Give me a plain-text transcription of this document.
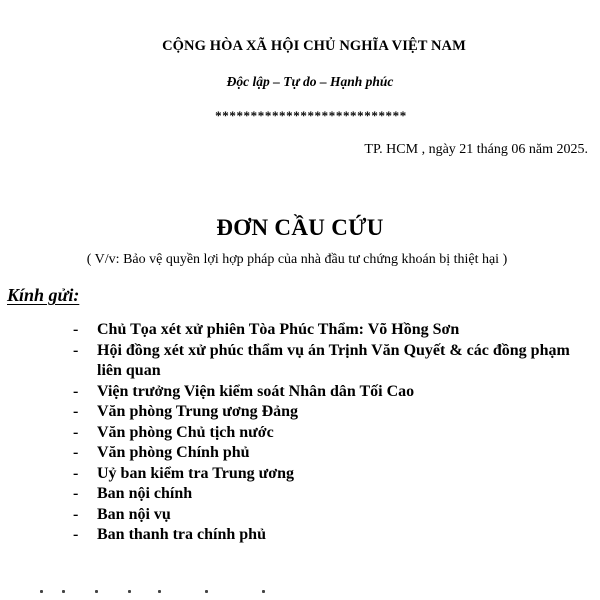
CỘNG HÒA XÃ HỘI CHỦ NGHĨA VIỆT NAM
Độc lập – Tự do – Hạnh phúc
***************************
TP. HCM , ngày 21 tháng 06 năm 2025.
ĐƠN CẦU CỨU
( V/v: Bảo vệ quyền lợi hợp pháp của nhà đầu tư chứng khoán bị thiệt hại )
Kính gửi:
- Chủ Tọa xét xử phiên Tòa Phúc Thẩm: Võ Hồng Sơn
- Hội đồng xét xử phúc thẩm vụ án Trịnh Văn Quyết & các đồng phạm liên quan
- Viện trưởng Viện kiểm soát Nhân dân Tối Cao
- Văn phòng Trung ương Đảng
- Văn phòng Chủ tịch nước
- Văn phòng Chính phủ
- Uỷ ban kiểm tra Trung ương
- Ban nội chính
- Ban nội vụ
- Ban thanh tra chính phủ
